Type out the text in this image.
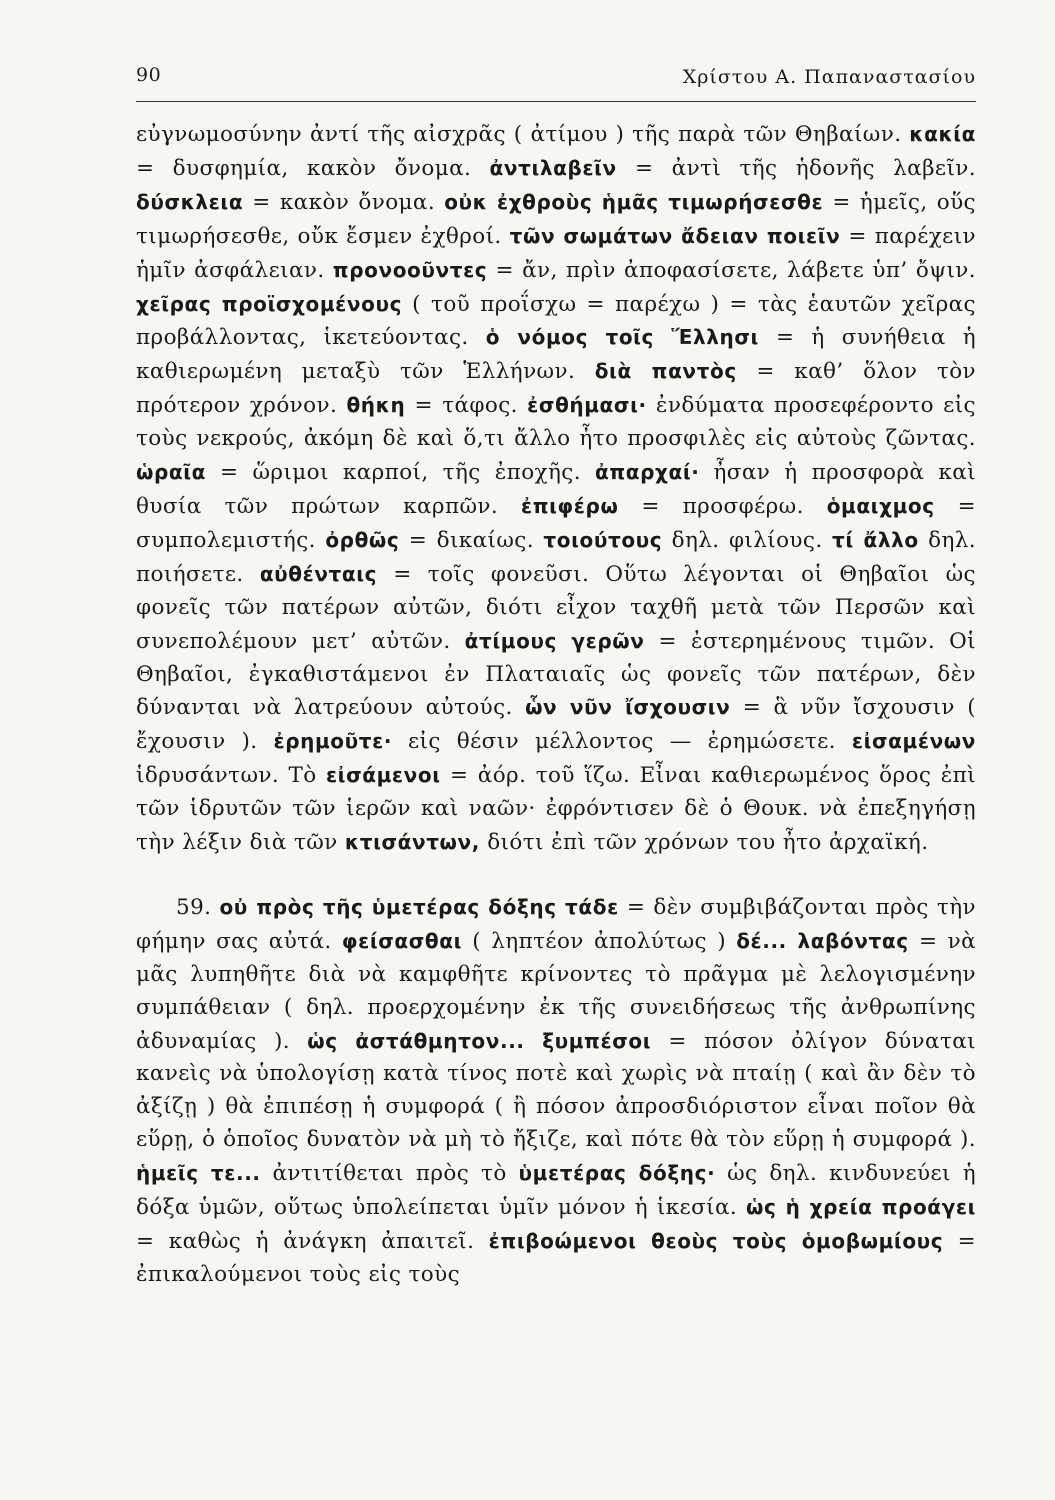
90	Χρίστου Α. Παπαναστασίου

εὐγνωμοσύνην ἀντί τῆς αἰσχρᾶς ( ἀτίμου ) τῆς παρὰ τῶν Θηβαίων. κακία = δυσφημία, κακὸν ὄνομα. ἀντιλαβεῖν = ἀντὶ τῆς ἡδονῆς λαβεῖν. δύσκλεια = κακὸν ὄνομα. οὐκ ἐχθροὺς ἡμᾶς τιμωρήσεσθε = ἡμεῖς, οὕς τιμωρήσεσθε, οὔκ ἔσμεν ἐχθροί. τῶν σωμάτων ἄδειαν ποιεῖν = παρέχειν ἡμῖν ἀσφάλειαν. προνοοῦντες = ἄν, πρὶν ἀποφασίσετε, λάβετε ὑπ’ ὄψιν. χεῖρας προϊσχομένους ( τοῦ προΐσχω = παρέχω ) = τὰς ἑαυτῶν χεῖρας προβάλλοντας, ἱκετεύοντας. ὁ νόμος τοῖς Ἕλλησι = ἡ συνήθεια ἡ καθιερωμένη μεταξὺ τῶν Ἑλλήνων. διὰ παντὸς = καθ’ ὅλον τὸν πρότερον χρόνον. θήκη = τάφος. ἐσθήμασι· ἐνδύματα προσεφέροντο εἰς τοὺς νεκρούς, ἀκόμη δὲ καὶ ὅ,τι ἄλλο ἦτο προσφιλὲς εἰς αὐτοὺς ζῶντας. ὡραῖα = ὥριμοι καρποί, τῆς ἐποχῆς. ἀπαρχαί· ἦσαν ἡ προσφορὰ καὶ θυσία τῶν πρώτων καρπῶν. ἐπιφέρω = προσφέρω. ὁμαιχμος = συμπολεμιστής. ὀρθῶς = δικαίως. τοιούτους δηλ. φιλίους. τί ἄλλο δηλ. ποιήσετε. αὐθένταις = τοῖς φονεῦσι. Οὕτω λέγονται οἱ Θηβαῖοι ὡς φονεῖς τῶν πατέρων αὐτῶν, διότι εἶχον ταχθῆ μετὰ τῶν Περσῶν καὶ συνεπολέμουν μετ’ αὐτῶν. ἀτίμους γερῶν = ἐστερημένους τιμῶν. Οἱ Θηβαῖοι, ἐγκαθιστάμενοι ἐν Πλαταιαῖς ὡς φονεῖς τῶν πατέρων, δὲν δύνανται νὰ λατρεύουν αὐτούς. ὧν νῦν ἴσχουσιν = ἃ νῦν ἴσχουσιν ( ἔχουσιν ). ἐρημοῦτε· εἰς θέσιν μέλλοντος — ἐρημώσετε. εἰσαμένων ἱδρυσάντων. Τὸ εἰσάμενοι = ἀόρ. τοῦ ἵζω. Εἶναι καθιερωμένος ὅρος ἐπὶ τῶν ἱδρυτῶν τῶν ἱερῶν καὶ ναῶν· ἐφρόντισεν δὲ ὁ Θουκ. νὰ ἐπεξηγήσῃ τὴν λέξιν διὰ τῶν κτισάντων, διότι ἐπὶ τῶν χρόνων του ἦτο ἀρχαϊκή.

59. οὐ πρὸς τῆς ὑμετέρας δόξης τάδε = δὲν συμβιβάζονται πρὸς τὴν φήμην σας αὐτά. φείσασθαι ( ληπτέον ἀπολύτως ) δέ... λαβόντας = νὰ μᾶς λυπηθῆτε διὰ νὰ καμφθῆτε κρίνοντες τὸ πρᾶγμα μὲ λελογισμένην συμπάθειαν ( δηλ. προερχομένην ἐκ τῆς συνειδήσεως τῆς ἀνθρωπίνης ἀδυναμίας ). ὡς ἀστάθμητον... ξυμπέσοι = πόσον ὀλίγον δύναται κανεὶς νὰ ὑπολογίσῃ κατὰ τίνος ποτὲ καὶ χωρὶς νὰ πταίῃ ( καὶ ἂν δὲν τὸ ἀξίζῃ ) θὰ ἐπιπέσῃ ἡ συμφορά ( ἢ πόσον ἀπροσδιόριστον εἶναι ποῖον θὰ εὕρῃ, ὁ ὁποῖος δυνατὸν νὰ μὴ τὸ ἤξιζε, καὶ πότε θὰ τὸν εὕρῃ ἡ συμφορά ). ἡμεῖς τε... ἀντιτίθεται πρὸς τὸ ὑμετέρας δόξης· ὡς δηλ. κινδυνεύει ἡ δόξα ὑμῶν, οὕτως ὑπολείπεται ὑμῖν μόνον ἡ ἱκεσία. ὡς ἡ χρεία προάγει = καθὼς ἡ ἀνάγκη ἀπαιτεῖ. ἐπιβοώμενοι θεοὺς τοὺς ὁμοβωμίους = ἐπικαλούμενοι τοὺς εἰς τοὺς
